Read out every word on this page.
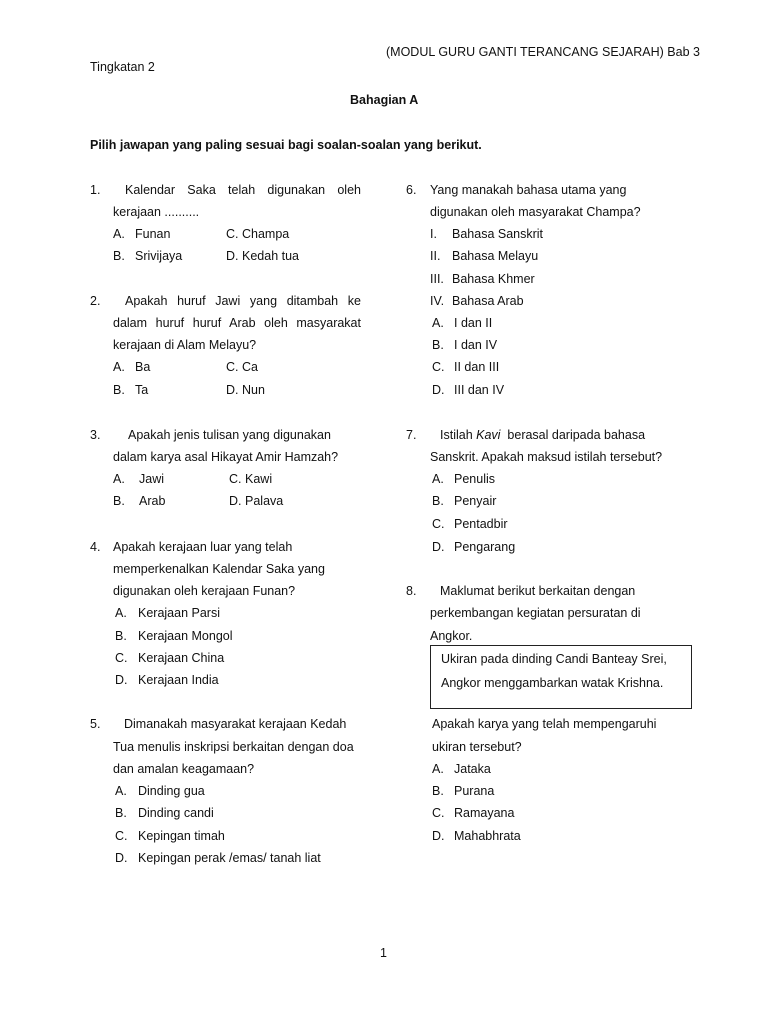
(MODUL GURU GANTI TERANCANG SEJARAH) Bab 3
Tingkatan 2
Bahagian A
Pilih jawapan yang paling sesuai bagi soalan-soalan yang berikut.
1.	Kalendar Saka telah digunakan oleh
kerajaan ..........
A. Funan	C. Champa
B. Srivijaya	D. Kedah tua
2.	Apakah huruf Jawi yang ditambah ke
dalam huruf huruf Arab oleh masyarakat
kerajaan di Alam Melayu?
A. Ba	C. Ca
B. Ta	D. Nun
3. Apakah jenis tulisan yang digunakan
dalam karya asal Hikayat Amir Hamzah?
A. Jawi	C. Kawi
B. Arab	D. Palava
4. Apakah kerajaan luar yang telah
memperkenalkan Kalendar Saka yang
digunakan oleh kerajaan Funan?
A. Kerajaan Parsi
B. Kerajaan Mongol
C. Kerajaan China
D. Kerajaan India
5. Dimanakah masyarakat kerajaan Kedah
Tua menulis inskripsi berkaitan dengan doa
dan amalan keagamaan?
A. Dinding gua
B. Dinding candi
C. Kepingan timah
D. Kepingan perak /emas/ tanah liat
6. Yang manakah bahasa utama yang
digunakan oleh masyarakat Champa?
I. Bahasa Sanskrit
II. Bahasa Melayu
III. Bahasa Khmer
IV. Bahasa Arab
A. I dan II
B. I dan IV
C. II dan III
D. III dan IV
7. Istilah Kavi  berasal daripada bahasa
Sanskrit. Apakah maksud istilah tersebut?
A. Penulis
B. Penyair
C. Pentadbir
D. Pengarang
8. Maklumat berikut berkaitan dengan
perkembangan kegiatan persuratan di
Angkor.
Ukiran pada dinding Candi Banteay Srei,
Angkor menggambarkan watak Krishna.
Apakah karya yang telah mempengaruhi
ukiran tersebut?
A. Jataka
B. Purana
C. Ramayana
D. Mahabhrata
1
